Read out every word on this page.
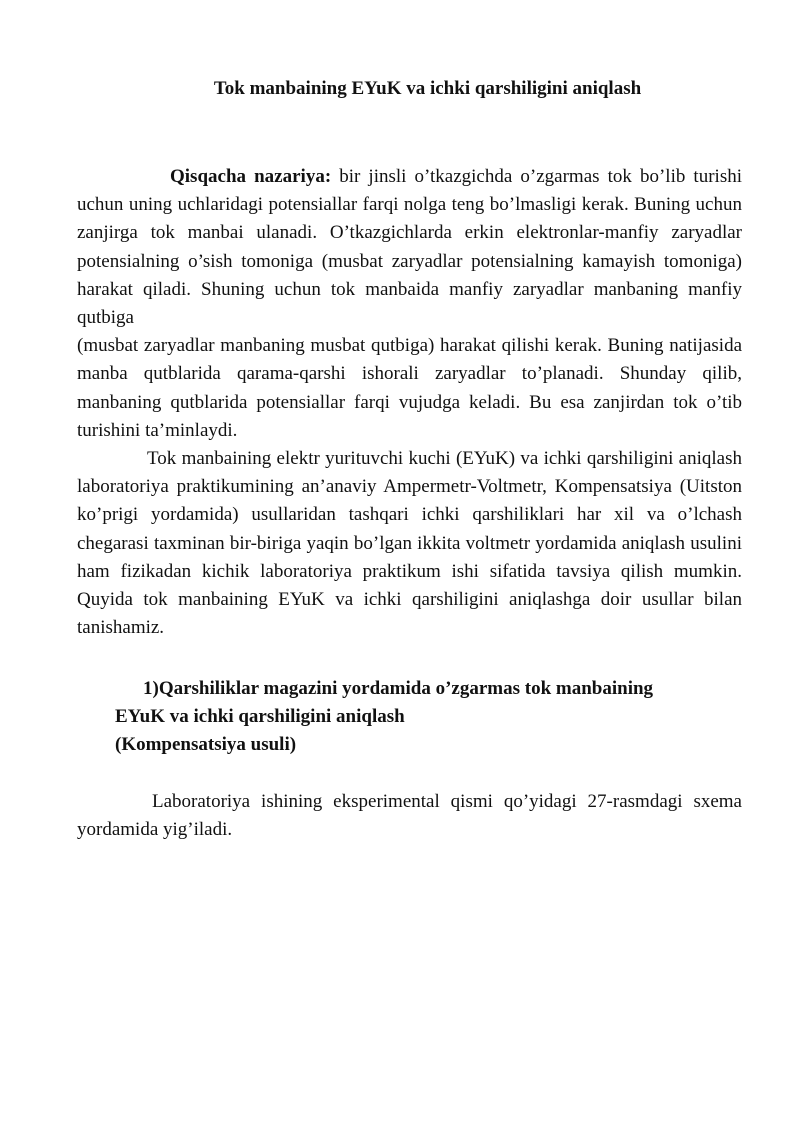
Tok manbaining EYuK va ichki qarshiligini aniqlash
Qisqacha nazariya: bir jinsli o’tkazgichda o’zgarmas tok bo’lib turishi uchun uning uchlaridagi potensiallar farqi nolga teng bo’lmasligi kerak. Buning uchun zanjirga tok manbai ulanadi. O’tkazgichlarda erkin elektronlar-manfiy zaryadlar potensialning o’sish tomoniga (musbat zaryadlar potensialning kamayish tomoniga) harakat qiladi. Shuning uchun tok manbaida manfiy zaryadlar manbaning manfiy qutbiga
(musbat zaryadlar manbaning musbat qutbiga) harakat qilishi kerak. Buning natijasida manba qutblarida qarama-qarshi ishorali zaryadlar to’planadi. Shunday qilib, manbaning qutblarida potensiallar farqi vujudga keladi. Bu esa zanjirdan tok o’tib turishini ta’minlaydi.
Tok manbaining elektr yurituvchi kuchi (EYuK) va ichki qarshiligini aniqlash laboratoriya praktikumining an’anaviy Ampermetr-Voltmetr, Kompensatsiya (Uitston ko’prigi yordamida) usullaridan tashqari ichki qarshiliklari har xil va o’lchash chegarasi taxminan bir-biriga yaqin bo’lgan ikkita voltmetr yordamida aniqlash usulini ham fizikadan kichik laboratoriya praktikum ishi sifatida tavsiya qilish mumkin. Quyida tok manbaining EYuK va ichki qarshiligini aniqlashga doir usullar bilan tanishamiz.
1)Qarshiliklar magazini yordamida o’zgarmas tok manbaining
EYuK va ichki qarshiligini aniqlash
(Kompensatsiya usuli)
Laboratoriya ishining eksperimental qismi qo’yidagi 27-rasmdagi sxema yordamida yig’iladi.
